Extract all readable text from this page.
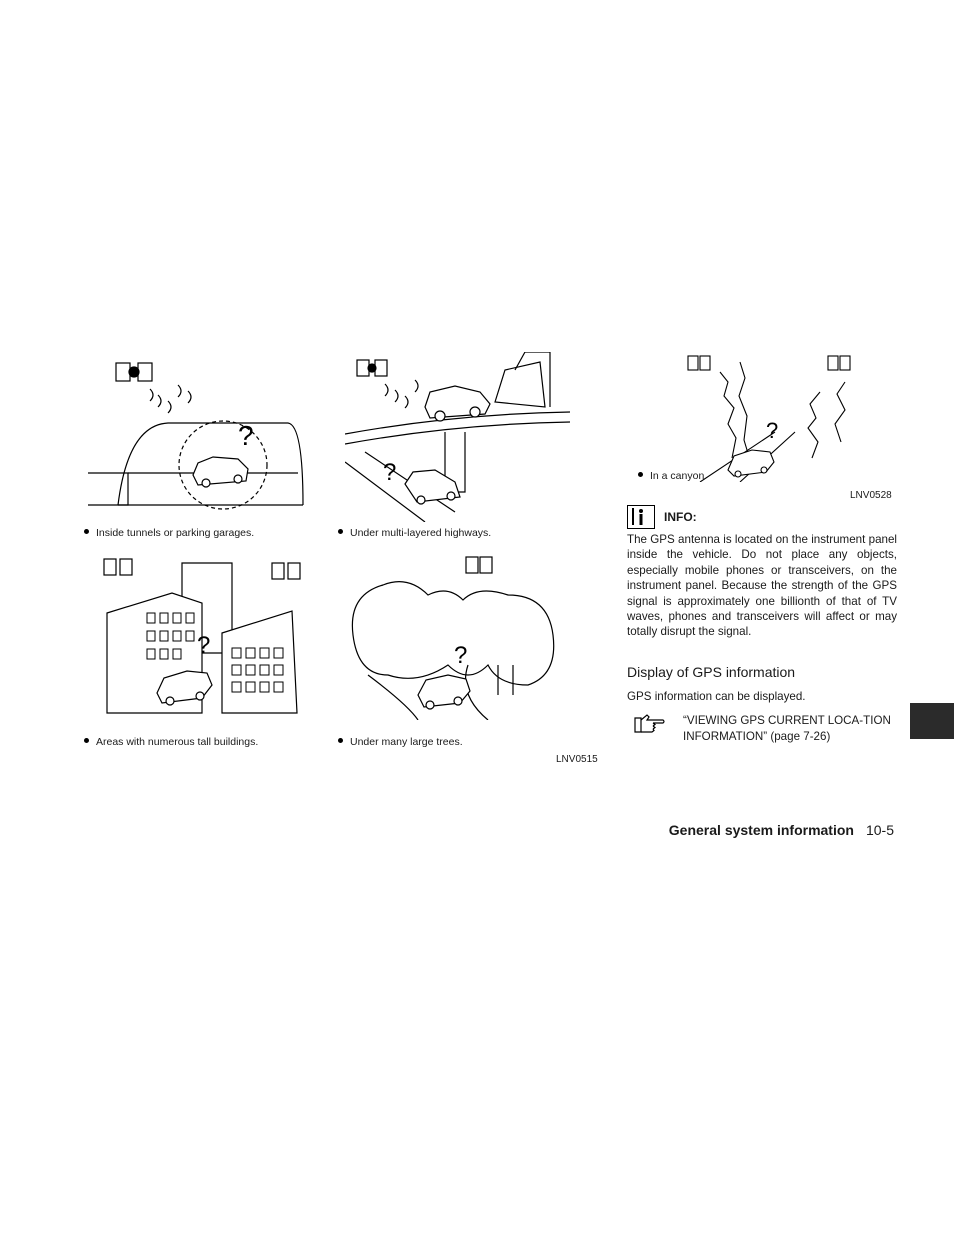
?
?
?	?
Inside tunnels or parking garages.	Under multi-layered highways.
Areas with numerous tall buildings.	Under many large trees.
LNV0515
?
In a canyon
LNV0528
INFO:
The GPS antenna is located on the instrument panel inside the vehicle. Do not place any objects, especially mobile phones or transceivers, on the instrument panel. Because the strength of the GPS signal is approximately one billionth of that of TV waves, phones and transceivers will affect or may totally disrupt the signal.
Display of GPS information
GPS information can be displayed.
“VIEWING GPS CURRENT LOCA-TION INFORMATION” (page 7-26)
General system information 10-5
